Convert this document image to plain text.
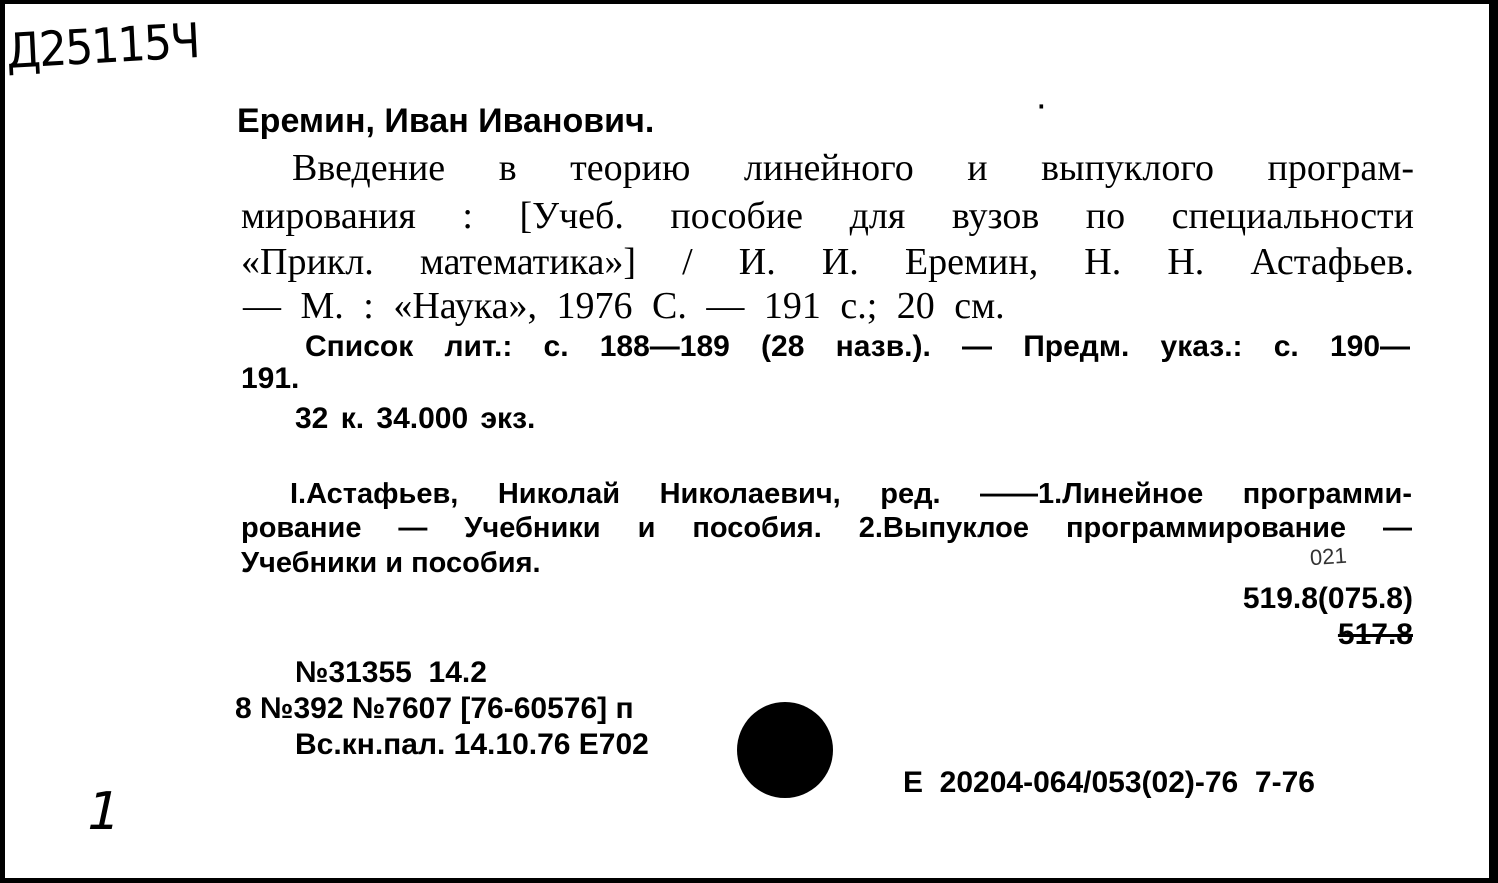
Д25115Ч
·
Еремин, Иван Иванович.
Введение в теорию линейного и выпуклого програм-
мирования : [Учеб. пособие для вузов по специальности
«Прикл. математика»] / И. И. Еремин, Н. Н. Астафьев.
— М. : «Наука», 1976 С. — 191 с.; 20 см.
Список лит.: с. 188—189 (28 назв.). — Предм. указ.: с. 190—
191.
32 к. 34.000 экз.
I.Астафьев, Николай Николаевич, ред. ——1.Линейное программи-
рование — Учебники и пособия. 2.Выпуклое программирование —
Учебники и пособия.	021
519.8(075.8)
517.8
№31355  14.2
8 №392 №7607 [76-60576] п
Вс.кн.пал. 14.10.76 Е702
Е  20204-064/053(02)-76  7-76
1
